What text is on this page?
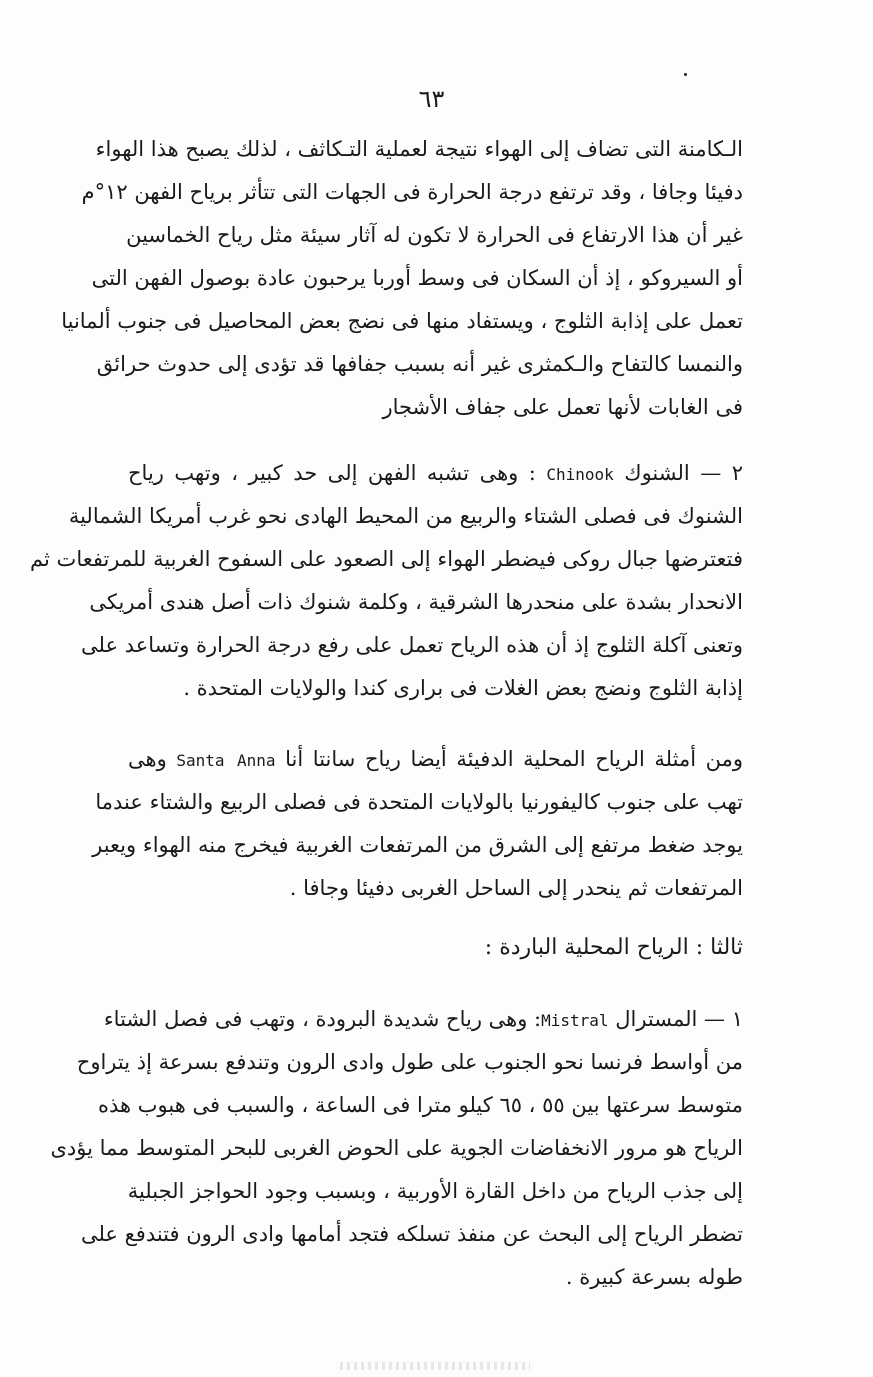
٦٣
الـكامنة التى تضاف إلى الهواء نتيجة لعملية التـكاثف ، لذلك يصبح هذا الهواء
دفيئا وجافا ، وقد ترتفع درجة الحرارة فى الجهات التى تتأثر برياح الفهن ١٢°م
غير أن هذا الارتفاع فى الحرارة لا تكون له آثار سيئة مثل رياح الخماسين
أو السيروكو ، إذ أن السكان فى وسط أوربا يرحبون عادة بوصول الفهن التى
تعمل على إذابة الثلوج ، ويستفاد منها فى نضج بعض المحاصيل فى جنوب ألمانيا
والنمسا كالتفاح والـكمثرى غير أنه بسبب جفافها قد تؤدى إلى حدوث حرائق
فى الغابات لأنها تعمل على جفاف الأشجار
٢ — الشنوك Chinook : وهى تشبه الفهن إلى حد كبير ، وتهب رياح
الشنوك فى فصلى الشتاء والربيع من المحيط الهادى نحو غرب أمريكا الشمالية
فتعترضها جبال روكى فيضطر الهواء إلى الصعود على السفوح الغربية للمرتفعات ثم
الانحدار بشدة على منحدرها الشرقية ، وكلمة شنوك ذات أصل هندى أمريكى
وتعنى آكلة الثلوج إذ أن هذه الرياح تعمل على رفع درجة الحرارة وتساعد على
إذابة الثلوج ونضج بعض الغلات فى برارى كندا والولايات المتحدة .
ومن أمثلة الرياح المحلية الدفيئة أيضا رياح سانتا أنا Santa Anna وهى
تهب على جنوب كاليفورنيا بالولايات المتحدة فى فصلى الربيع والشتاء عندما
يوجد ضغط مرتفع إلى الشرق من المرتفعات الغربية فيخرج منه الهواء ويعبر
المرتفعات ثم ينحدر إلى الساحل الغربى دفيئا وجافا .
ثالثا : الرياح المحلية الباردة :
١ — المسترال Mistral: وهى رياح شديدة البرودة ، وتهب فى فصل الشتاء
من أواسط فرنسا نحو الجنوب على طول وادى الرون وتندفع بسرعة إذ يتراوح
متوسط سرعتها بين ٥٥ ، ٦٥ كيلو مترا فى الساعة ، والسبب فى هبوب هذه
الرياح هو مرور الانخفاضات الجوية على الحوض الغربى للبحر المتوسط مما يؤدى
إلى جذب الرياح من داخل القارة الأوربية ، وبسبب وجود الحواجز الجبلية
تضطر الرياح إلى البحث عن منفذ تسلكه فتجد أمامها وادى الرون فتندفع على
طوله بسرعة كبيرة .
